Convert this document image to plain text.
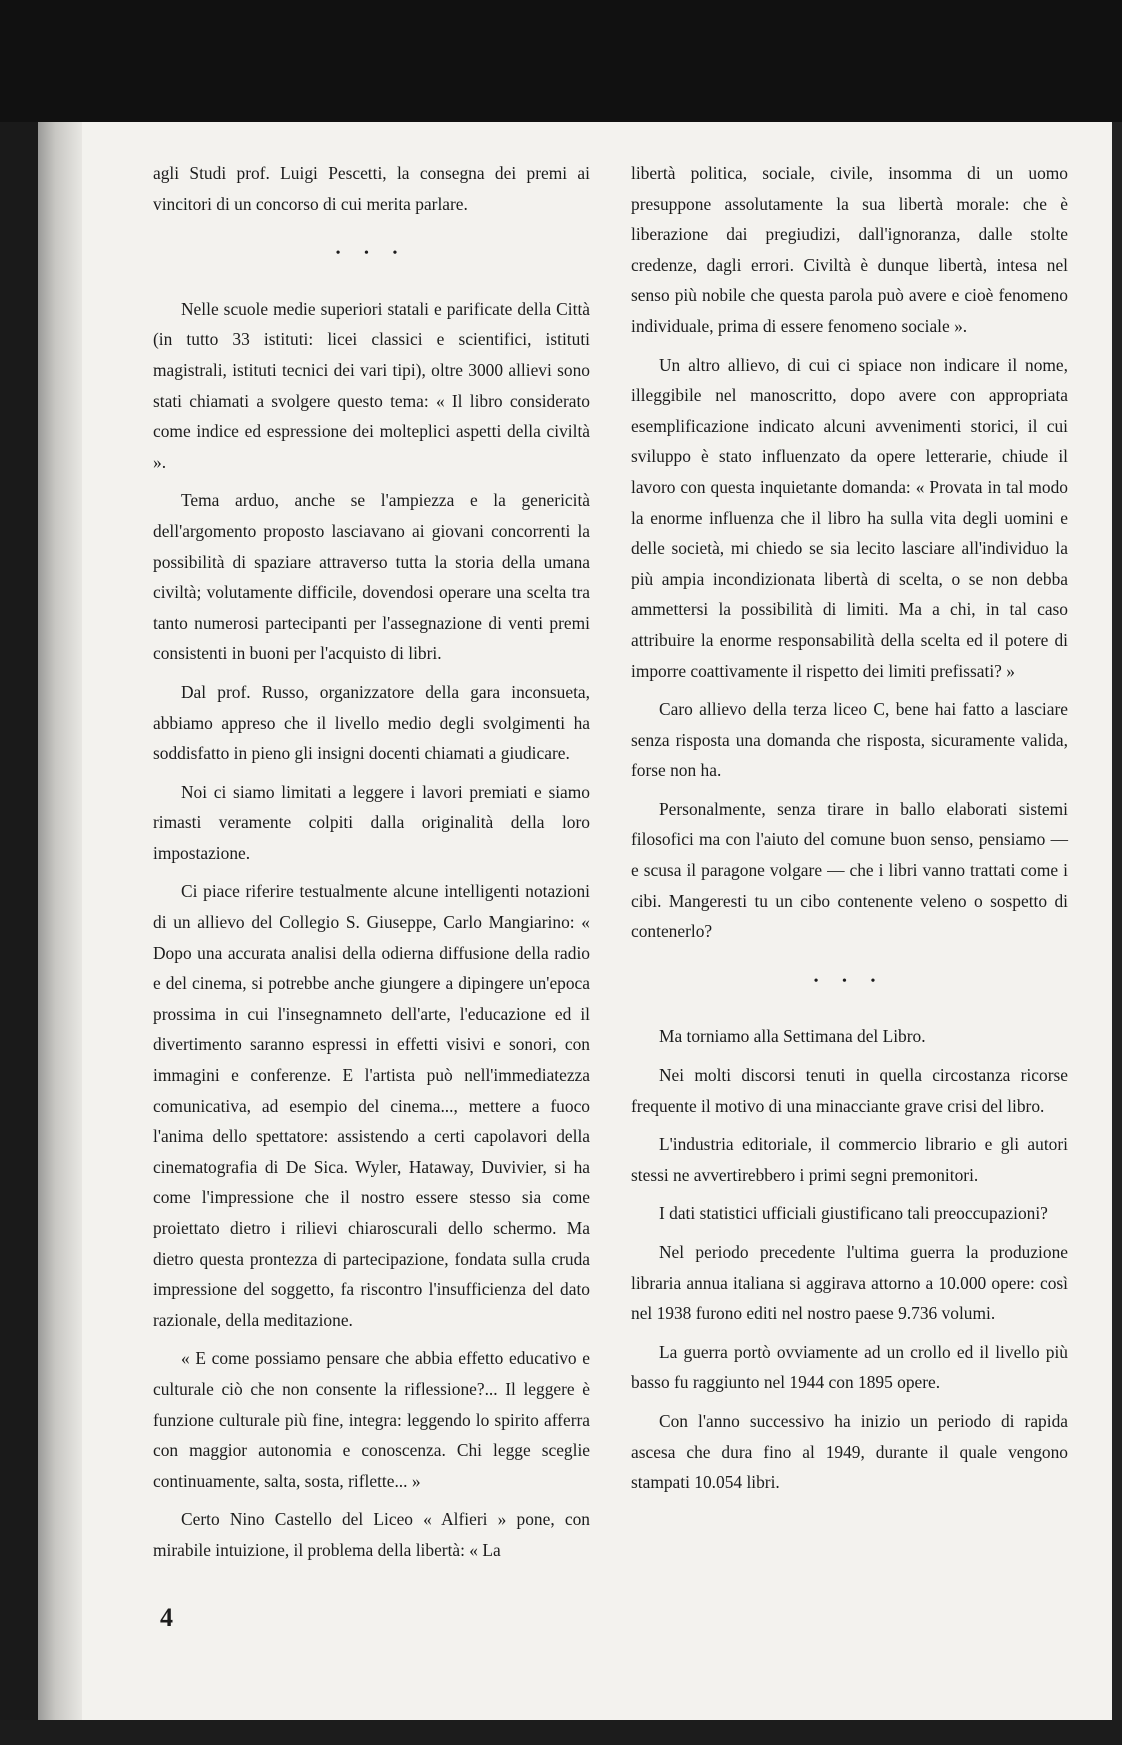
agli Studi prof. Luigi Pescetti, la consegna dei premi ai vincitori di un concorso di cui merita parlare.

• • •

Nelle scuole medie superiori statali e parificate della Città (in tutto 33 istituti: licei classici e scientifici, istituti magistrali, istituti tecnici dei vari tipi), oltre 3000 allievi sono stati chiamati a svolgere questo tema: « Il libro considerato come indice ed espressione dei molteplici aspetti della civiltà ».

Tema arduo, anche se l'ampiezza e la genericità dell'argomento proposto lasciavano ai giovani concorrenti la possibilità di spaziare attraverso tutta la storia della umana civiltà; volutamente difficile, dovendosi operare una scelta tra tanto numerosi partecipanti per l'assegnazione di venti premi consistenti in buoni per l'acquisto di libri.

Dal prof. Russo, organizzatore della gara inconsueta, abbiamo appreso che il livello medio degli svolgimenti ha soddisfatto in pieno gli insigni docenti chiamati a giudicare.

Noi ci siamo limitati a leggere i lavori premiati e siamo rimasti veramente colpiti dalla originalità della loro impostazione.

Ci piace riferire testualmente alcune intelligenti notazioni di un allievo del Collegio S. Giuseppe, Carlo Mangiarino: « Dopo una accurata analisi della odierna diffusione della radio e del cinema, si potrebbe anche giungere a dipingere un'epoca prossima in cui l'insegnamneto dell'arte, l'educazione ed il divertimento saranno espressi in effetti visivi e sonori, con immagini e conferenze. E l'artista può nell'immediatezza comunicativa, ad esempio del cinema..., mettere a fuoco l'anima dello spettatore: assistendo a certi capolavori della cinematografia di De Sica. Wyler, Hataway, Duvivier, si ha come l'impressione che il nostro essere stesso sia come proiettato dietro i rilievi chiaroscurali dello schermo. Ma dietro questa prontezza di partecipazione, fondata sulla cruda impressione del soggetto, fa riscontro l'insufficienza del dato razionale, della meditazione.

« E come possiamo pensare che abbia effetto educativo e culturale ciò che non consente la riflessione?... Il leggere è funzione culturale più fine, integra: leggendo lo spirito afferra con maggior autonomia e conoscenza. Chi legge sceglie continuamente, salta, sosta, riflette... »

Certo Nino Castello del Liceo « Alfieri » pone, con mirabile intuizione, il problema della libertà: « La

libertà politica, sociale, civile, insomma di un uomo presuppone assolutamente la sua libertà morale: che è liberazione dai pregiudizi, dall'ignoranza, dalle stolte credenze, dagli errori. Civiltà è dunque libertà, intesa nel senso più nobile che questa parola può avere e cioè fenomeno individuale, prima di essere fenomeno sociale ».

Un altro allievo, di cui ci spiace non indicare il nome, illeggibile nel manoscritto, dopo avere con appropriata esemplificazione indicato alcuni avvenimenti storici, il cui sviluppo è stato influenzato da opere letterarie, chiude il lavoro con questa inquietante domanda: « Provata in tal modo la enorme influenza che il libro ha sulla vita degli uomini e delle società, mi chiedo se sia lecito lasciare all'individuo la più ampia incondizionata libertà di scelta, o se non debba ammettersi la possibilità di limiti. Ma a chi, in tal caso attribuire la enorme responsabilità della scelta ed il potere di imporre coattivamente il rispetto dei limiti prefissati? »

Caro allievo della terza liceo C, bene hai fatto a lasciare senza risposta una domanda che risposta, sicuramente valida, forse non ha.

Personalmente, senza tirare in ballo elaborati sistemi filosofici ma con l'aiuto del comune buon senso, pensiamo — e scusa il paragone volgare — che i libri vanno trattati come i cibi. Mangeresti tu un cibo contenente veleno o sospetto di contenerlo?

• • •

Ma torniamo alla Settimana del Libro.

Nei molti discorsi tenuti in quella circostanza ricorse frequente il motivo di una minacciante grave crisi del libro.

L'industria editoriale, il commercio librario e gli autori stessi ne avvertirebbero i primi segni premonitori.

I dati statistici ufficiali giustificano tali preoccupazioni?

Nel periodo precedente l'ultima guerra la produzione libraria annua italiana si aggirava attorno a 10.000 opere: così nel 1938 furono editi nel nostro paese 9.736 volumi.

La guerra portò ovviamente ad un crollo ed il livello più basso fu raggiunto nel 1944 con 1895 opere.

Con l'anno successivo ha inizio un periodo di rapida ascesa che dura fino al 1949, durante il quale vengono stampati 10.054 libri.

4
